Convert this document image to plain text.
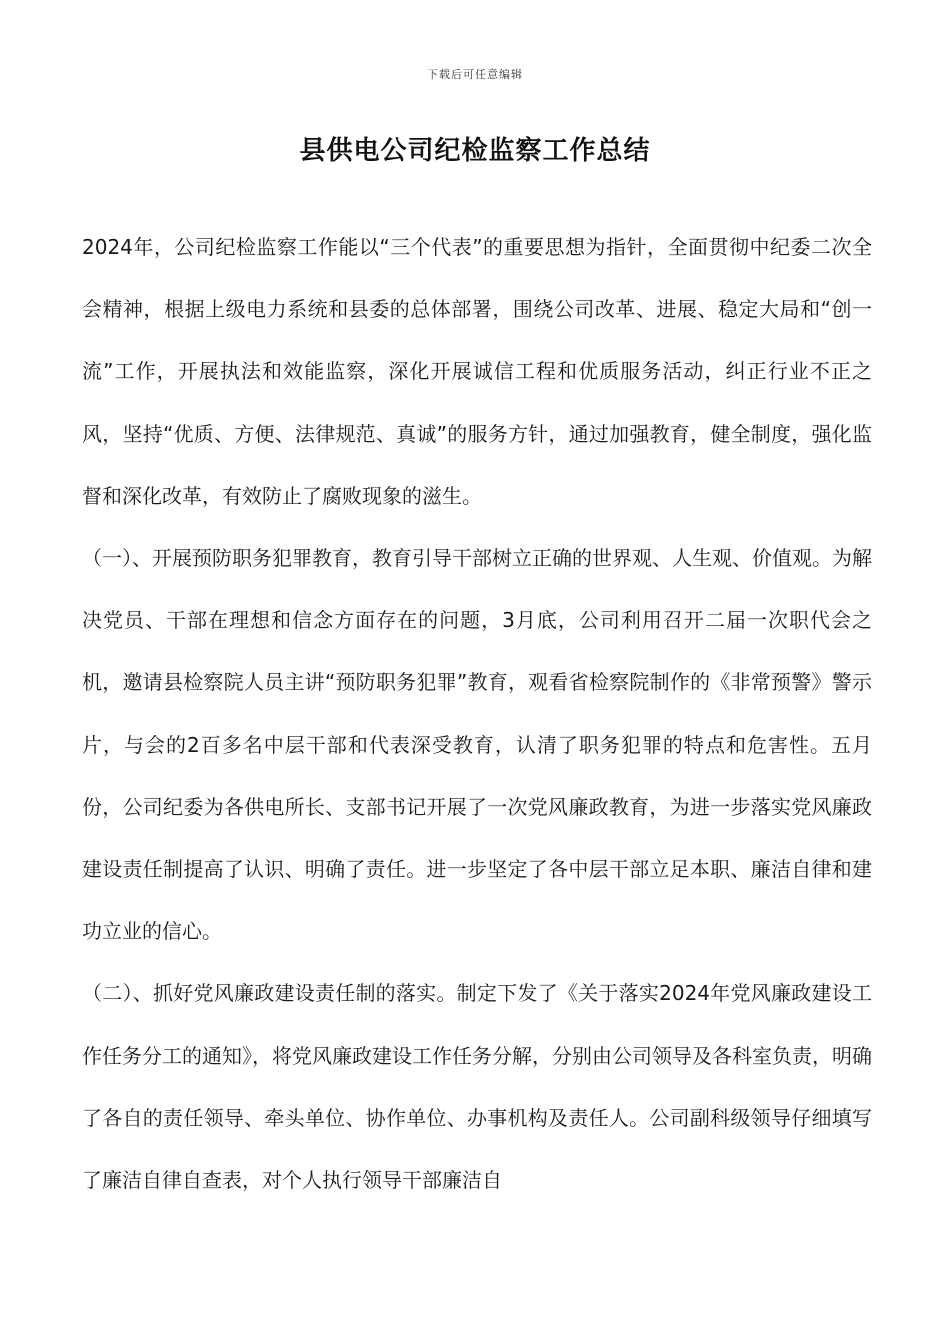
下载后可任意编辑
县供电公司纪检监察工作总结

2024年，公司纪检监察工作能以“三个代表”的重要思想为指针，全面贯彻中纪委二次全会精神，根据上级电力系统和县委的总体部署，围绕公司改革、进展、稳定大局和“创一流”工作，开展执法和效能监察，深化开展诚信工程和优质服务活动，纠正行业不正之风，坚持“优质、方便、法律规范、真诚”的服务方针，通过加强教育，健全制度，强化监督和深化改革，有效防止了腐败现象的滋生。

（一）、开展预防职务犯罪教育，教育引导干部树立正确的世界观、人生观、价值观。为解决党员、干部在理想和信念方面存在的问题，3月底，公司利用召开二届一次职代会之机，邀请县检察院人员主讲“预防职务犯罪”教育，观看省检察院制作的《非常预警》警示片，与会的2百多名中层干部和代表深受教育，认清了职务犯罪的特点和危害性。五月份，公司纪委为各供电所长、支部书记开展了一次党风廉政教育，为进一步落实党风廉政建设责任制提高了认识、明确了责任。进一步坚定了各中层干部立足本职、廉洁自律和建功立业的信心。

（二）、抓好党风廉政建设责任制的落实。制定下发了《关于落实2024年党风廉政建设工作任务分工的通知》，将党风廉政建设工作任务分解，分别由公司领导及各科室负责，明确了各自的责任领导、牵头单位、协作单位、办事机构及责任人。公司副科级领导仔细填写了廉洁自律自查表，对个人执行领导干部廉洁自
